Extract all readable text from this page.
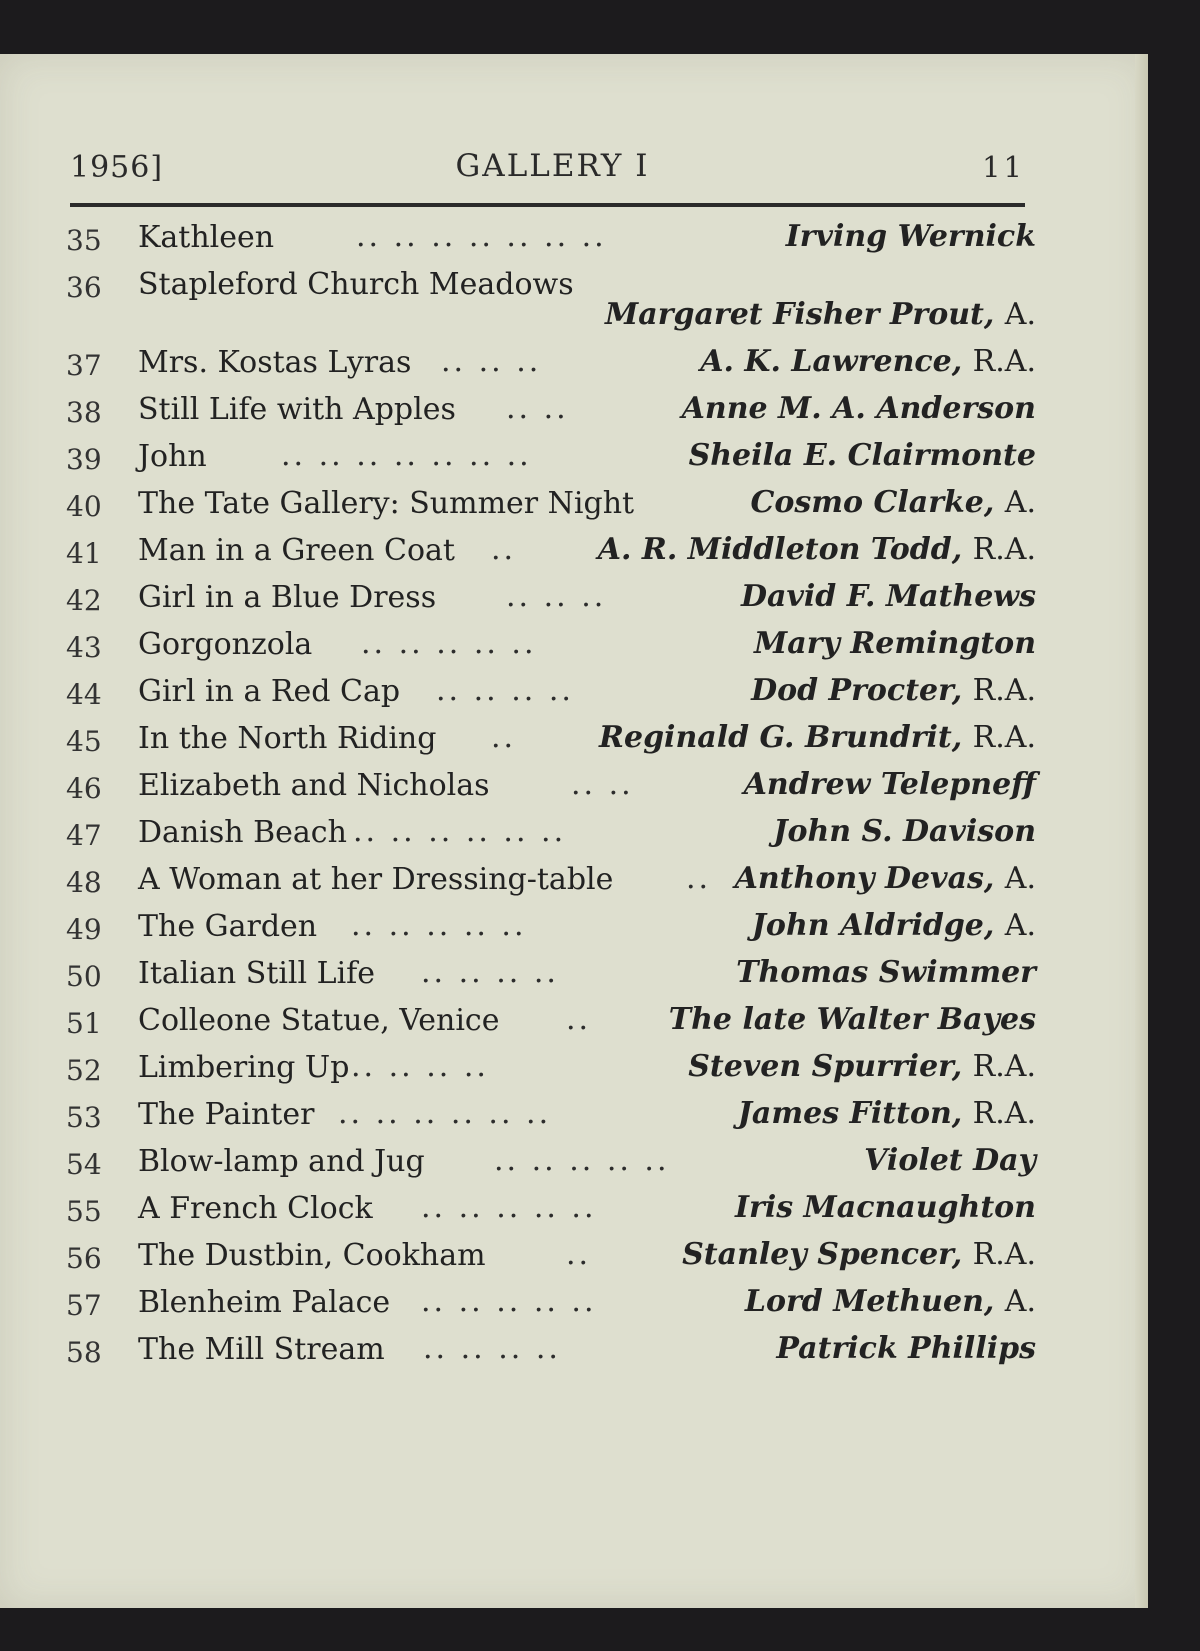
1956]	GALLERY I	11
35 Kathleen	.. .. .. .. .. .. ..	Irving Wernick
36 Stapleford Church Meadows
Margaret Fisher Prout, A.
37 Mrs. Kostas Lyras .. .. ..	A. K. Lawrence, R.A.
38 Still Life with Apples .. ..	Anne M. A. Anderson
39 John .. .. .. .. .. .. ..	Sheila E. Clairmonte
40 The Tate Gallery: Summer Night	Cosmo Clarke, A.
41 Man in a Green Coat ..	A. R. Middleton Todd, R.A.
42 Girl in a Blue Dress .. .. ..	David F. Mathews
43 Gorgonzola .. .. .. .. ..	Mary Remington
44 Girl in a Red Cap .. .. .. ..	Dod Procter, R.A.
45 In the North Riding ..	Reginald G. Brundrit, R.A.
46 Elizabeth and Nicholas	.. ..	Andrew Telepneff
47 Danish Beach .. .. .. .. .. ..	John S. Davison
48 A Woman at her Dressing-table .. Anthony Devas, A.
49 The Garden .. .. .. .. ..	John Aldridge, A.
50 Italian Still Life .. .. .. ..	Thomas Swimmer
51 Colleone Statue, Venice ..	The late Walter Bayes
52 Limbering Up .. .. .. ..	Steven Spurrier, R.A.
53 The Painter .. .. .. .. .. ..	James Fitton, R.A.
54 Blow-lamp and Jug .. .. .. .. ..	Violet Day
55 A French Clock .. .. .. .. ..	Iris Macnaughton
56 The Dustbin, Cookham	..	Stanley Spencer, R.A.
57 Blenheim Palace .. .. .. .. ..	Lord Methuen, A.
58 The Mill Stream .. .. .. ..	Patrick Phillips
